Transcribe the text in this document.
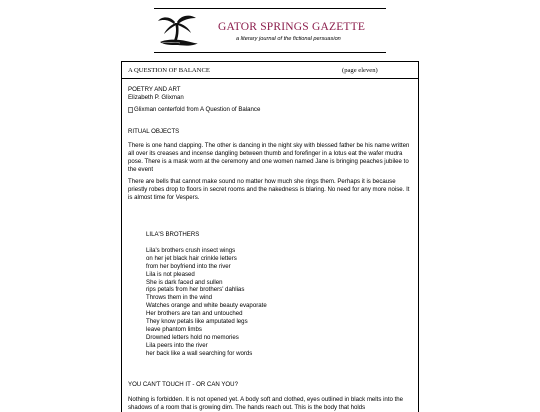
GATOR SPRINGS GAZETTE
a literary journal of the fictional persuasion
A QUESTION OF BALANCE	(page eleven)
POETRY AND ART
Elizabeth P. Glixman
Glixman centerfold from A Question of Balance
RITUAL OBJECTS

There is one hand clapping. The other is dancing in the night sky with blessed father be his name written all over its creases and incense dangling between thumb and forefinger in a lotus eat the wafer mudra pose. There is a mask worn at the ceremony and one women named Jane is bringing peaches jubilee to the event

There are bells that cannot make sound no matter how much she rings them. Perhaps it is because priestly robes drop to floors in secret rooms and the nakedness is blaring. No need for any more noise. It is almost time for Vespers.

LILA'S BROTHERS
Lila's brothers crush insect wings
on her jet black hair crinkle letters
from her boyfriend into the river
Lila is not pleased
She is dark faced and sullen
rips petals from her brothers' dahlias
Throws them in the wind
Watches orange and white beauty evaporate
Her brothers are tan and untouched
They know petals like amputated legs
leave phantom limbs
Drowned letters hold no memories
Lila peers into the river
her back like a wall searching for words
YOU CAN'T TOUCH IT - OR CAN YOU?

Nothing is forbidden. It is not opened yet. A body soft and clothed, eyes outlined in black melts into the shadows of a room that is growing dim. The hands reach out. This is the body that holds
